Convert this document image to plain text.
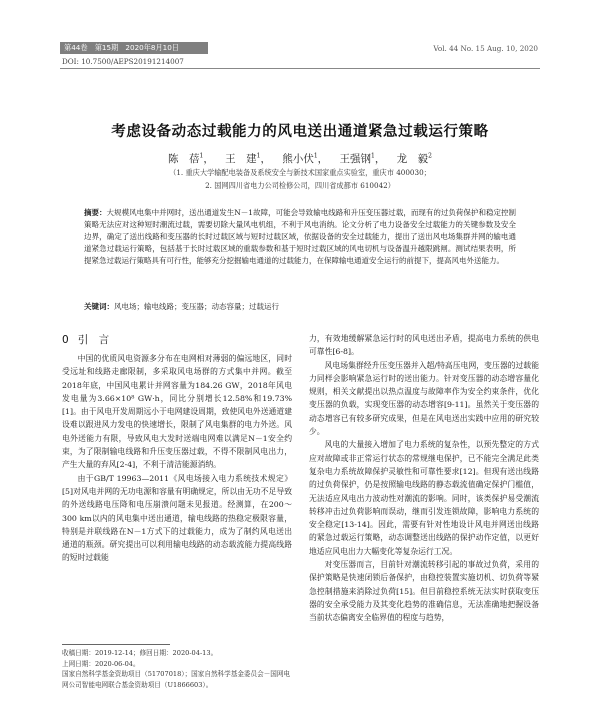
第44卷　第15期　2020年8月10日	Vol. 44 No. 15 Aug. 10, 2020
DOI: 10.7500/AEPS20191214007
考虑设备动态过载能力的风电送出通道紧急过载运行策略
陈　蓓$^1$， 王　建$^1$， 熊小伏$^1$， 王强钢$^1$， 龙　毅$^2$
（1. 重庆大学输配电装备及系统安全与新技术国家重点实验室，重庆市 400030；
2. 国网四川省电力公司检修公司，四川省成都市 610042）
摘要：大规模风电集中并网时，送出通道发生N－1故障，可能会导致输电线路和升压变压器过载，而现有的过负荷保护和稳定控制策略无法应对这种短时潮流过载，需要切除大量风电机组，不利于风电消纳。论文分析了电力设备安全过载能力的关键参数及安全边界，确定了送出线路和变压器的长时过载区域与短时过载区域，依据设备的安全过载能力，提出了送出风电场集群并网的输电通道紧急过载运行策略，包括基于长时过载区域的重载参数和基于短时过载区域的风电切机与设备温升越限跳闸。测试结果表明，所提紧急过载运行策略具有可行性，能够充分挖掘输电通道的过载能力，在保障输电通道安全运行的前提下，提高风电外送能力。
关键词：风电场；输电线路；变压器；动态容量；过载运行
0 引　言

中国的优质风电资源多分布在电网相对薄弱的偏远地区，同时受远址和线路走廊限制，多采取风电场群的方式集中并网。截至2018年底，中国风电累计并网容量为184.26 GW，2018年风电发电量为3.66×10⁸ GW·h，同比分别增长12.58%和19.73%[1]。由于风电开发周期远小于电网建设周期，致使风电外送通道建设难以跟进风力发电的快速增长，限制了风电集群的电力外送。风电外送能力有限，导致风电大发时送端电网难以满足N－1安全约束，为了限制输电线路和升压变压器过载，不得不限制风电出力，产生大量的弃风[2-4]，不利于清洁能源消纳。

由于GB/T 19963—2011《风电场接入电力系统技术规定》[5]对风电并网的无功电源和容量有明确规定，所以由无功不足导致的外送线路电压降和电压崩溃问题未见报道。经测算，在200～300 km以内的风电集中送出通道，输电线路的热稳定极限容量，特别是并联线路在N－1方式下的过载能力，成为了制约风电送出通道的瓶颈。研究提出可以利用输电线路的动态载流能力提高线路的短时过载能

力，有效地缓解紧急运行时的风电送出矛盾，提高电力系统的供电可靠性[6-8]。

风电场集群经升压变压器并入超/特高压电网，变压器的过载能力同样会影响紧急运行时的送出能力。针对变压器的动态增容量化规则，相关文献提出以热点温度与故障率作为安全约束条件，优化变压器的负载，实现变压器的动态增容[9-11]。虽然关于变压器的动态增容已有较多研究成果，但是在风电送出实践中应用的研究较少。

风电的大量接入增加了电力系统的复杂性，以预先整定的方式应对故障或非正常运行状态的常规继电保护，已不能完全满足此类复杂电力系统故障保护灵敏性和可靠性要求[12]。但现有送出线路的过负荷保护，仍是按照输电线路的静态载流值确定保护门槛值，无法适应风电出力波动性对潮流的影响。同时，该类保护易受潮流转移冲击过负荷影响而误动，继而引发连锁故障，影响电力系统的安全稳定[13-14]。因此，需要有针对性地设计风电并网送出线路的紧急过载运行策略，动态调整送出线路的保护动作定值，以更好地适应风电出力大幅变化等复杂运行工况。

对变压器而言，目前针对潮流转移引起的事故过负荷，采用的保护策略是快速闭锁后备保护，由稳控装置实施切机、切负荷等紧急控制措施来消除过负荷[15]。但目前稳控系统无法实时获取变压器的安全承受能力及其变化趋势的准确信息，无法准确地把握设备当前状态偏离安全临界值的程度与趋势，

收稿日期：2019-12-14；修回日期：2020-04-13。
上网日期：2020-06-04。
国家自然科学基金资助项目（51707018）；国家自然科学基金委员会－国网电网公司智能电网联合基金资助项目（U1866603）。
